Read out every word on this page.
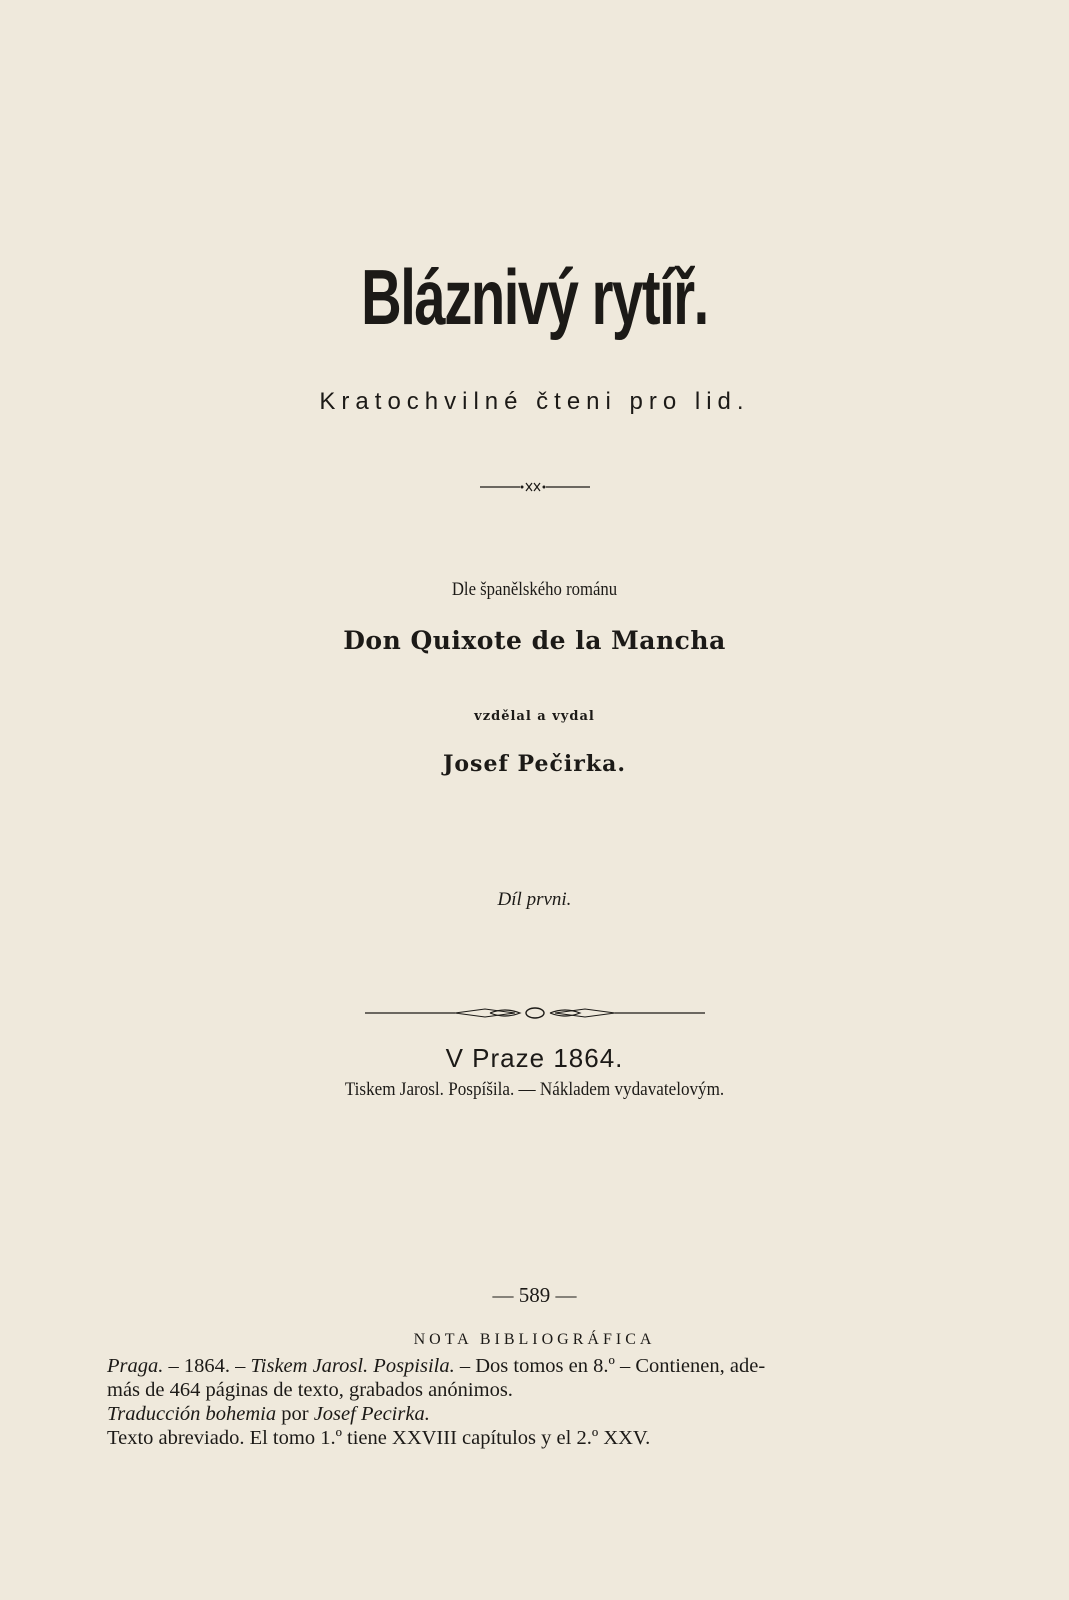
Bláznivý rytíř.
Kratochvilné čteni pro lid.
Dle španělského románu
Don Quixote de la Mancha
vzdělal a vydal
Josef Pečirka.
Díl prvni.
V Praze 1864.
Tiskem Jarosl. Pospíšila. — Nákladem vydavatelovým.
— 589 —
NOTA BIBLIOGRÁFICA
Praga. – 1864. – Tiskem Jarosl. Pospisila. – Dos tomos en 8.º – Contienen, ade-
más de 464 páginas de texto, grabados anónimos.
Traducción bohemia por Josef Pecirka.
Texto abreviado. El tomo 1.º tiene XXVIII capítulos y el 2.º XXV.
